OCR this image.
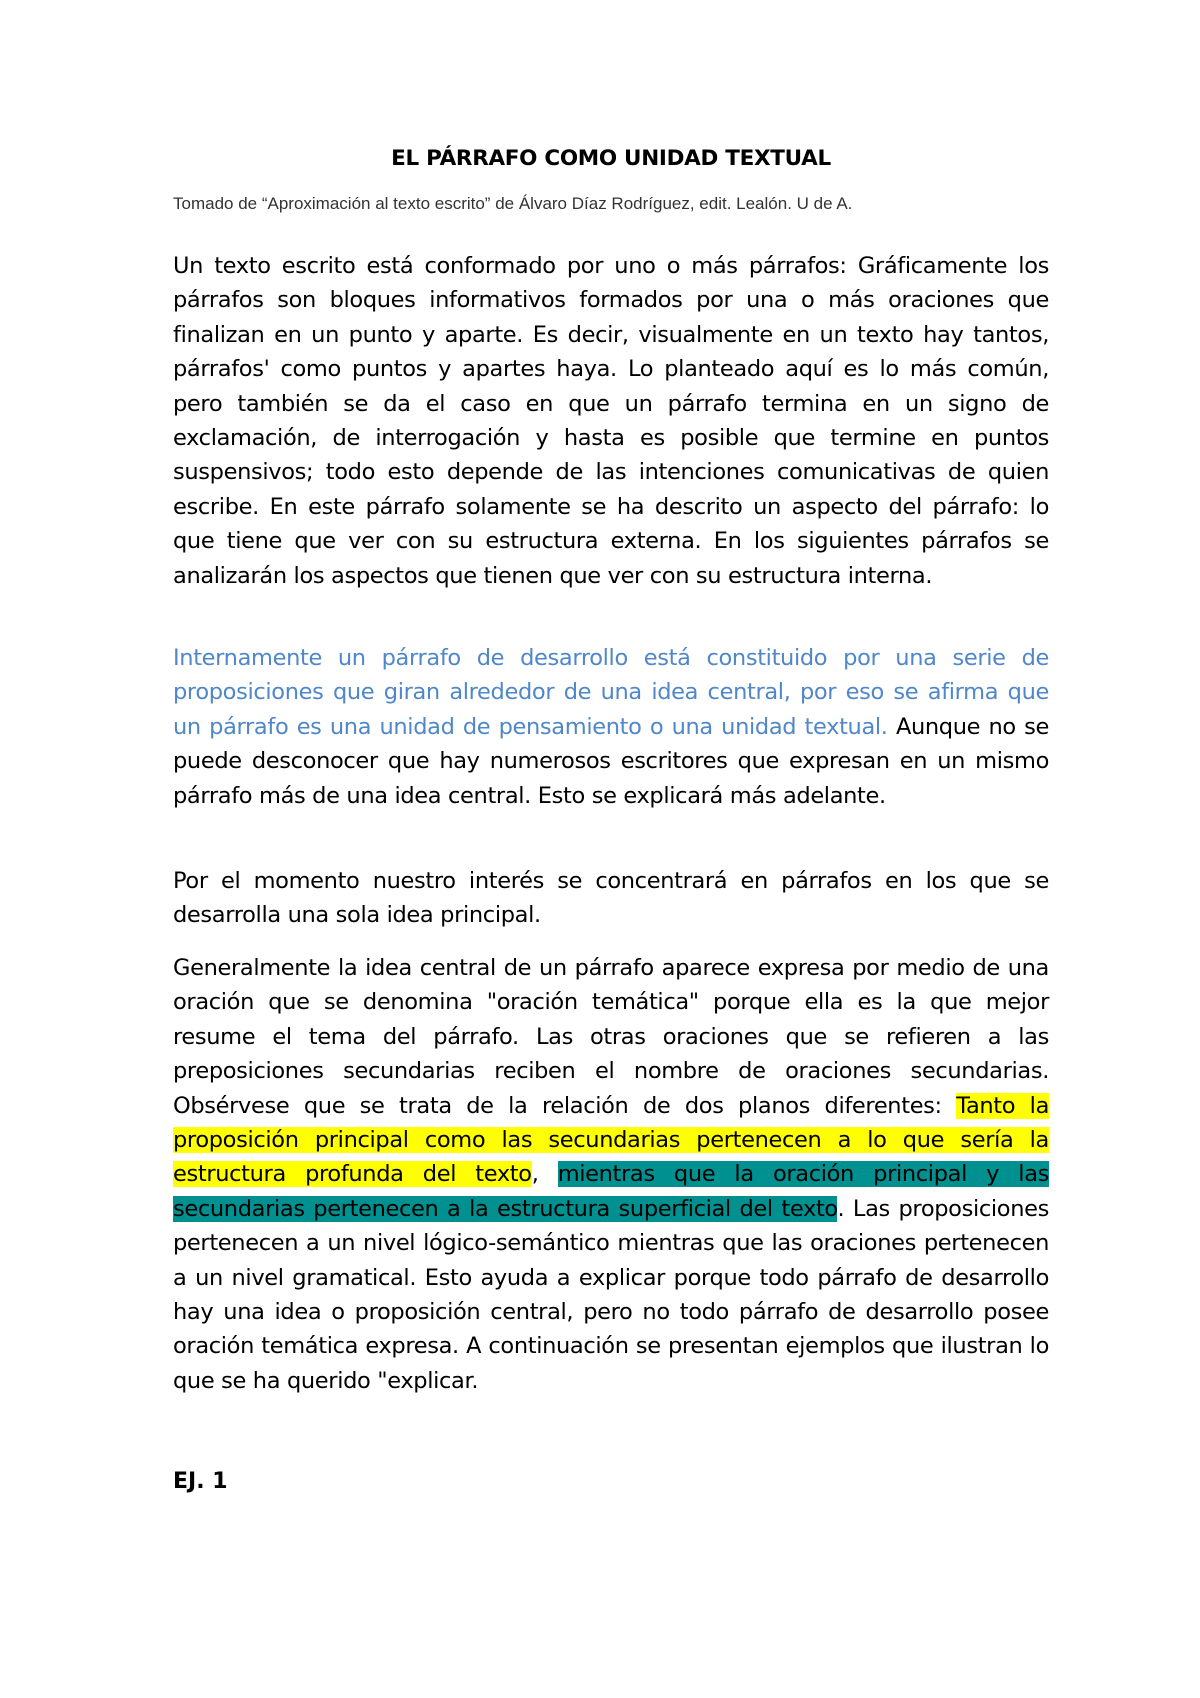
EL PÁRRAFO COMO UNIDAD TEXTUAL

Tomado de “Aproximación al texto escrito” de Álvaro Díaz Rodríguez, edit. Lealón. U de A.

Un texto escrito está conformado por uno o más párrafos: Gráficamente los párrafos son bloques informativos formados por una o más oraciones que finalizan en un punto y aparte. Es decir, visualmente en un texto hay tantos, párrafos' como puntos y apartes haya. Lo planteado aquí es lo más común, pero también se da el caso en que un párrafo termina en un signo de exclamación, de interrogación y hasta es posible que termine en puntos suspensivos; todo esto depende de las intenciones comunicativas de quien escribe. En este párrafo solamente se ha descrito un aspecto del párrafo: lo que tiene que ver con su estructura externa. En los siguientes párrafos se analizarán los aspectos que tienen que ver con su estructura interna.

Internamente un párrafo de desarrollo está constituido por una serie de proposiciones que giran alrededor de una idea central, por eso se afirma que un párrafo es una unidad de pensamiento o una unidad textual. Aunque no se puede desconocer que hay numerosos escritores que expresan en un mismo párrafo más de una idea central. Esto se explicará más adelante.

Por el momento nuestro interés se concentrará en párrafos en los que se desarrolla una sola idea principal.

Generalmente la idea central de un párrafo aparece expresa por medio de una oración que se denomina "oración temática" porque ella es la que mejor resume el tema del párrafo. Las otras oraciones que se refieren a las preposiciones secundarias reciben el nombre de oraciones secundarias. Obsérvese que se trata de la relación de dos planos diferentes: Tanto la proposición principal como las secundarias pertenecen a lo que sería la estructura profunda del texto, mientras que la oración principal y las secundarias pertenecen a la estructura superficial del texto. Las proposiciones pertenecen a un nivel lógico-semántico mientras que las oraciones pertenecen a un nivel gramatical. Esto ayuda a explicar porque todo párrafo de desarrollo hay una idea o proposición central, pero no todo párrafo de desarrollo posee oración temática expresa. A continuación se presentan ejemplos que ilustran lo que se ha querido "explicar.

EJ. 1
